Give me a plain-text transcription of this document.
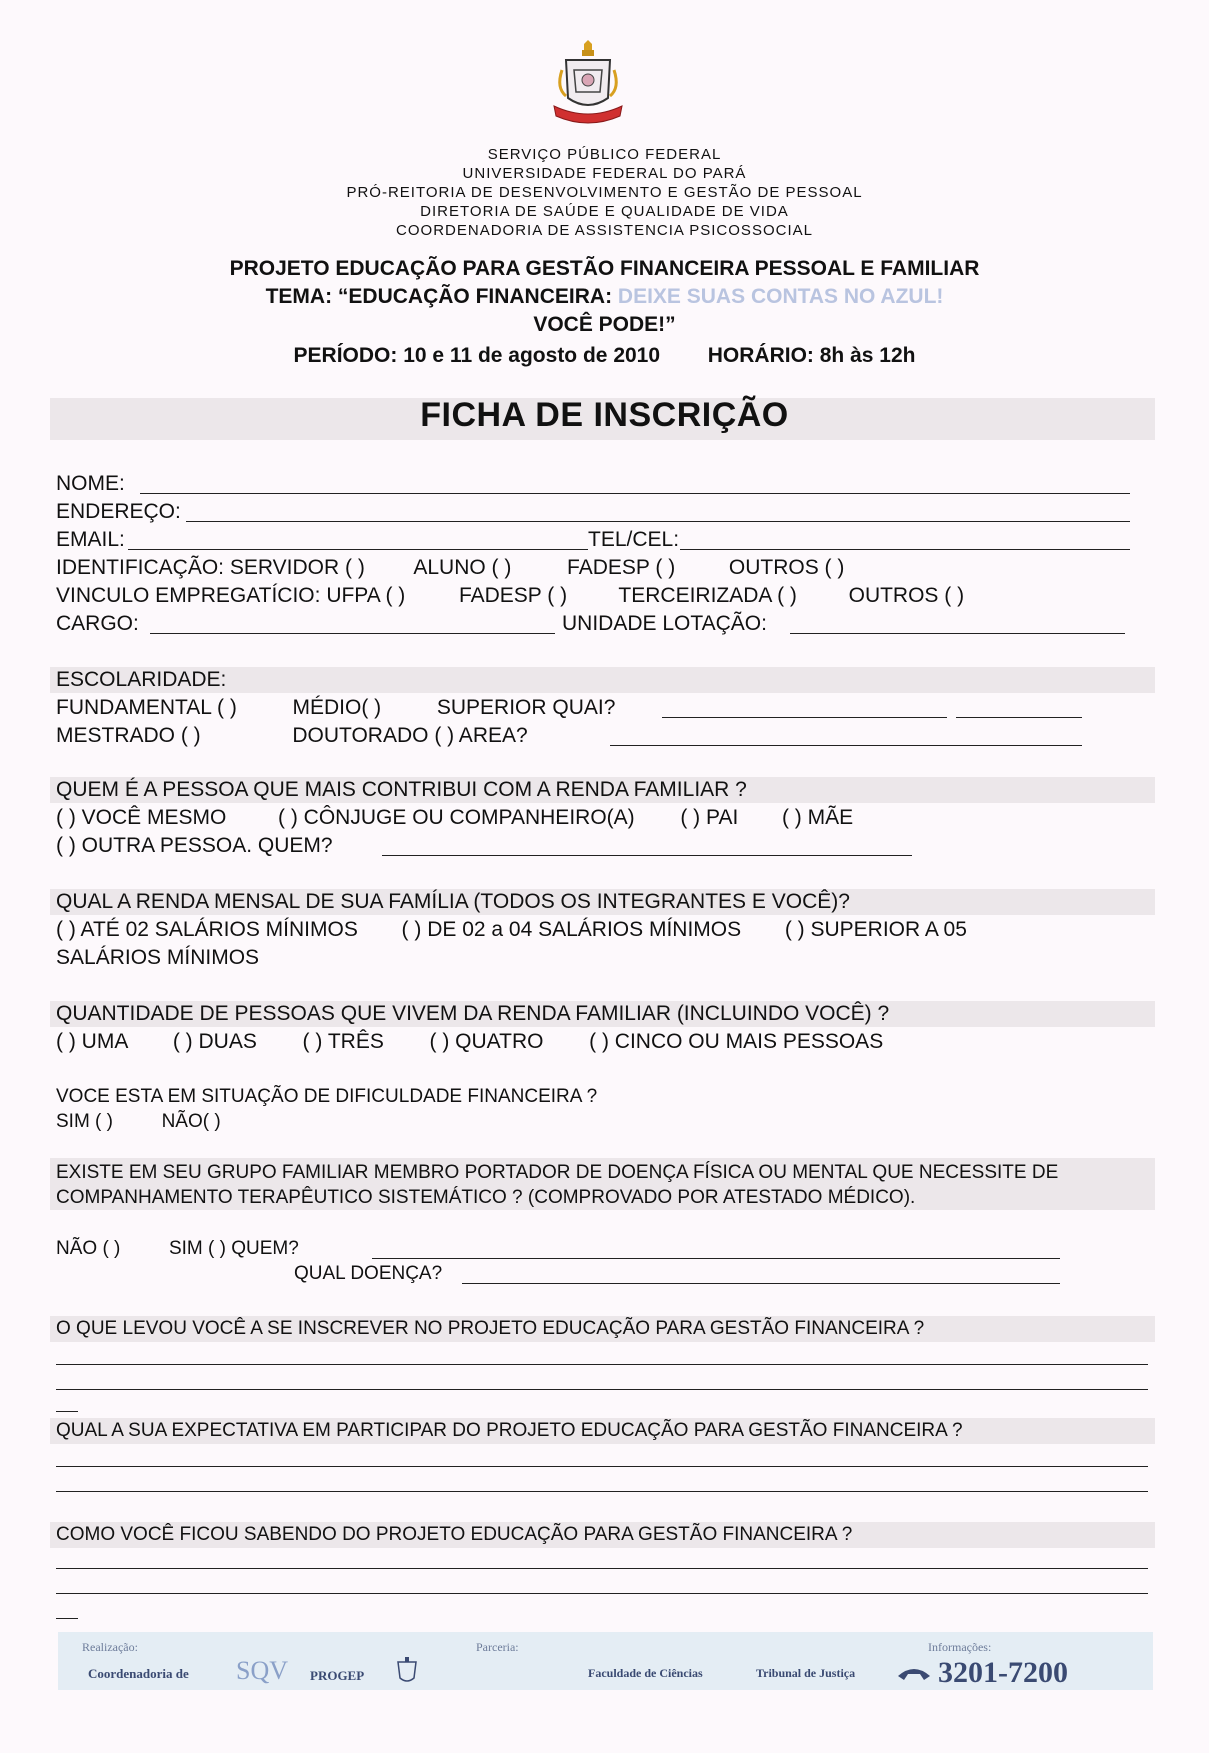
SERVIÇO PÚBLICO FEDERAL
UNIVERSIDADE FEDERAL DO PARÁ
PRÓ-REITORIA DE DESENVOLVIMENTO E GESTÃO DE PESSOAL
DIRETORIA DE SAÚDE E QUALIDADE DE VIDA
COORDENADORIA DE ASSISTENCIA PSICOSSOCIAL
PROJETO EDUCAÇÃO PARA GESTÃO FINANCEIRA PESSOAL E FAMILIAR
TEMA: “EDUCAÇÃO FINANCEIRA: DEIXE SUAS CONTAS NO AZUL!
VOCÊ PODE!”
PERÍODO: 10 e 11 de agosto de 2010 HORÁRIO: 8h às 12h
FICHA DE INSCRIÇÃO
NOME:
ENDEREÇO:
EMAIL:	TEL/CEL:
IDENTIFICAÇÃO: SERVIDOR ( ) ALUNO ( )	FADESP ( )	OUTROS ( )
VINCULO EMPREGATÍCIO: UFPA ( )	FADESP ( ) TERCEIRIZADA ( ) OUTROS ( )
CARGO:	UNIDADE LOTAÇÃO:
ESCOLARIDADE:
FUNDAMENTAL ( )	MÉDIO( )	SUPERIOR QUAI?
MESTRADO ( )	DOUTORADO ( ) AREA?
QUEM É A PESSOA QUE MAIS CONTRIBUI COM A RENDA FAMILIAR ?
( ) VOCÊ MESMO ( ) CÔNJUGE OU COMPANHEIRO(A) ( ) PAI ( ) MÃE
( ) OUTRA PESSOA. QUEM?
QUAL A RENDA MENSAL DE SUA FAMÍLIA (TODOS OS INTEGRANTES E VOCÊ)?
( ) ATÉ 02 SALÁRIOS MÍNIMOS ( ) DE 02 a 04 SALÁRIOS MÍNIMOS ( ) SUPERIOR A 05
SALÁRIOS MÍNIMOS
QUANTIDADE DE PESSOAS QUE VIVEM DA RENDA FAMILIAR (INCLUINDO VOCÊ) ?
( ) UMA ( ) DUAS ( ) TRÊS ( ) QUATRO ( ) CINCO OU MAIS PESSOAS
VOCE ESTA EM SITUAÇÃO DE DIFICULDADE FINANCEIRA ?
SIM ( )	NÃO( )
EXISTE EM SEU GRUPO FAMILIAR MEMBRO PORTADOR DE DOENÇA FÍSICA OU MENTAL QUE NECESSITE DE
COMPANHAMENTO TERAPÊUTICO SISTEMÁTICO ? (COMPROVADO POR ATESTADO MÉDICO).
NÃO ( )	SIM ( ) QUEM?
QUAL DOENÇA?
O QUE LEVOU VOCÊ A SE INSCREVER NO PROJETO EDUCAÇÃO PARA GESTÃO FINANCEIRA ?
QUAL A SUA EXPECTATIVA EM PARTICIPAR DO PROJETO EDUCAÇÃO PARA GESTÃO FINANCEIRA ?
COMO VOCÊ FICOU SABENDO DO PROJETO EDUCAÇÃO PARA GESTÃO FINANCEIRA ?
Realização:	Parceria:	Informações:
Coordenadoria de SQV PROGEP	Faculdade de Ciências	Tribunal de Justiça	3201-7200
